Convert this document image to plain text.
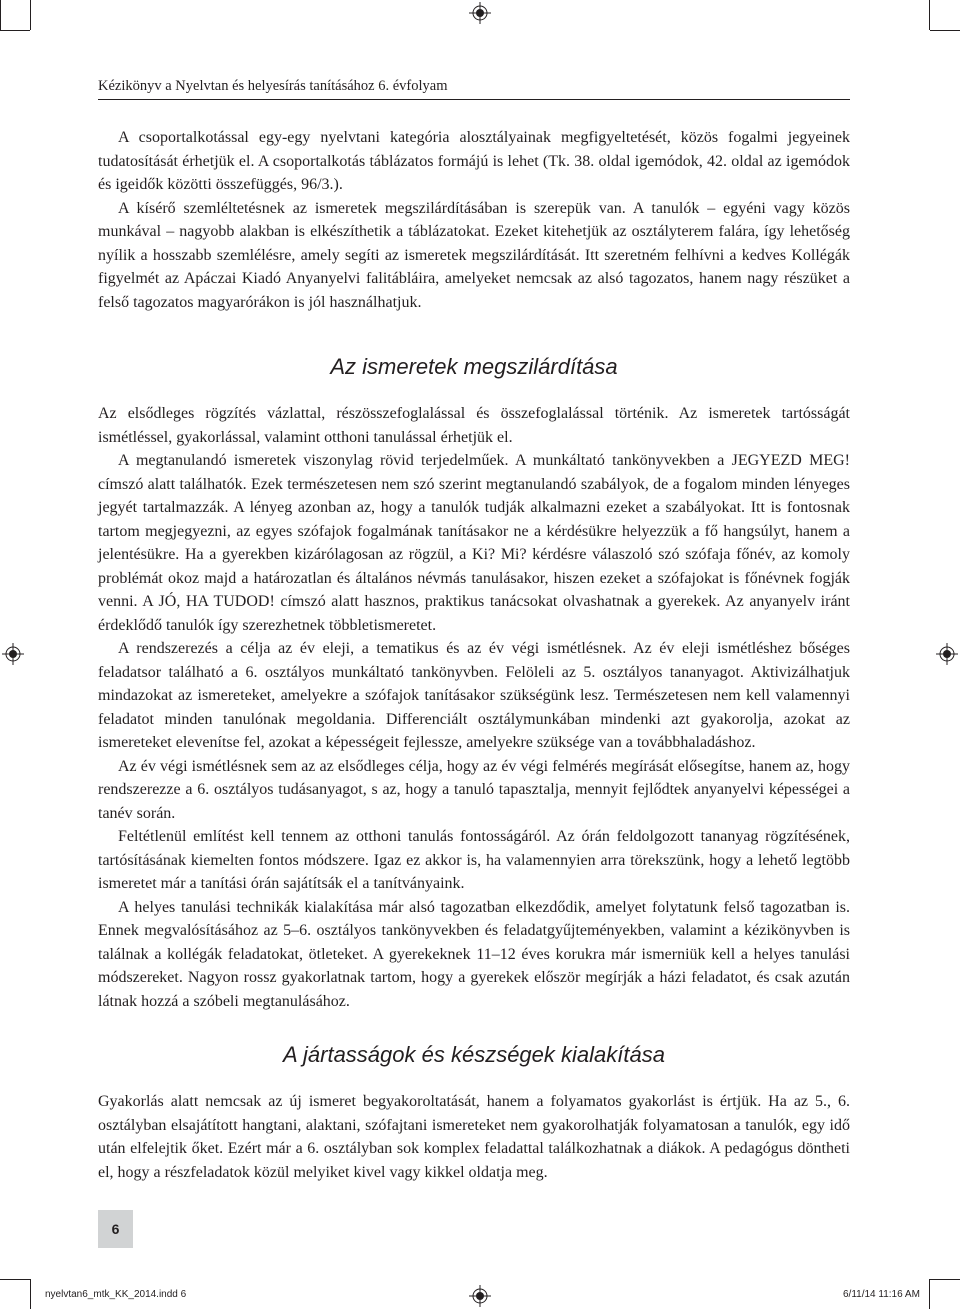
Kézikönyv a Nyelvtan és helyesírás tanításához 6. évfolyam

A csoportalkotással egy-egy nyelvtani kategória alosztályainak megfigyeltetését, közös fogalmi jegyeinek tudatosítását érhetjük el. A csoportalkotás táblázatos formájú is lehet (Tk. 38. oldal igemódok, 42. oldal az igemódok és igeidők közötti összefüggés, 96/3.).

A kísérő szemléltetésnek az ismeretek megszilárdításában is szerepük van. A tanulók – egyéni vagy közös munkával – nagyobb alakban is elkészíthetik a táblázatokat. Ezeket kitehetjük az osztályterem falára, így lehetőség nyílik a hosszabb szemlélésre, amely segíti az ismeretek megszilárdítását. Itt szeretném felhívni a kedves Kollégák figyelmét az Apáczai Kiadó Anyanyelvi falitábláira, amelyeket nemcsak az alsó tagozatos, hanem nagy részüket a felső tagozatos magyarórákon is jól használhatjuk.

Az ismeretek megszilárdítása

Az elsődleges rögzítés vázlattal, részösszefoglalással és összefoglalással történik. Az ismeretek tartósságát ismétléssel, gyakorlással, valamint otthoni tanulással érhetjük el.

A megtanulandó ismeretek viszonylag rövid terjedelműek. A munkáltató tankönyvekben a JEGYEZD MEG! címszó alatt találhatók. Ezek természetesen nem szó szerint megtanulandó szabályok, de a fogalom minden lényeges jegyét tartalmazzák. A lényeg azonban az, hogy a tanulók tudják alkalmazni ezeket a szabályokat. Itt is fontosnak tartom megjegyezni, az egyes szófajok fogalmának tanításakor ne a kérdésükre helyezzük a fő hangsúlyt, hanem a jelentésükre. Ha a gyerekben kizárólagosan az rögzül, a Ki? Mi? kérdésre válaszoló szó szófaja főnév, az komoly problémát okoz majd a határozatlan és általános névmás tanulásakor, hiszen ezeket a szófajokat is főnévnek fogják venni. A JÓ, HA TUDOD! címszó alatt hasznos, praktikus tanácsokat olvashatnak a gyerekek. Az anyanyelv iránt érdeklődő tanulók így szerezhetnek többletismeretet.

A rendszerezés a célja az év eleji, a tematikus és az év végi ismétlésnek. Az év eleji ismétléshez bőséges feladatsor található a 6. osztályos munkáltató tankönyvben. Felöleli az 5. osztályos tananyagot. Aktivizálhatjuk mindazokat az ismereteket, amelyekre a szófajok tanításakor szükségünk lesz. Természetesen nem kell valamennyi feladatot minden tanulónak megoldania. Differenciált osztálymunkában mindenki azt gyakorolja, azokat az ismereteket elevenítse fel, azokat a képességeit fejlessze, amelyekre szüksége van a továbbhaladáshoz.

Az év végi ismétlésnek sem az az elsődleges célja, hogy az év végi felmérés megírását elősegítse, hanem az, hogy rendszerezze a 6. osztályos tudásanyagot, s az, hogy a tanuló tapasztalja, mennyit fejlődtek anyanyelvi képességei a tanév során.

Feltétlenül említést kell tennem az otthoni tanulás fontosságáról. Az órán feldolgozott tananyag rögzítésének, tartósításának kiemelten fontos módszere. Igaz ez akkor is, ha valamennyien arra törekszünk, hogy a lehető legtöbb ismeretet már a tanítási órán sajátítsák el a tanítványaink.

A helyes tanulási technikák kialakítása már alsó tagozatban elkezdődik, amelyet folytatunk felső tagozatban is. Ennek megvalósításához az 5–6. osztályos tankönyvekben és feladatgyűjteményekben, valamint a kézikönyvben is találnak a kollégák feladatokat, ötleteket. A gyerekeknek 11–12 éves korukra már ismerniük kell a helyes tanulási módszereket. Nagyon rossz gyakorlatnak tartom, hogy a gyerekek először megírják a házi feladatot, és csak azután látnak hozzá a szóbeli megtanulásához.

A jártasságok és készségek kialakítása

Gyakorlás alatt nemcsak az új ismeret begyakoroltatását, hanem a folyamatos gyakorlást is értjük. Ha az 5., 6. osztályban elsajátított hangtani, alaktani, szófajtani ismereteket nem gyakorolhatják folyamatosan a tanulók, egy idő után elfelejtik őket. Ezért már a 6. osztályban sok komplex feladattal találkozhatnak a diákok. A pedagógus döntheti el, hogy a részfeladatok közül melyiket kivel vagy kikkel oldatja meg.

6
nyelvtan6_mtk_KK_2014.indd 6	6/11/14 11:16 AM
